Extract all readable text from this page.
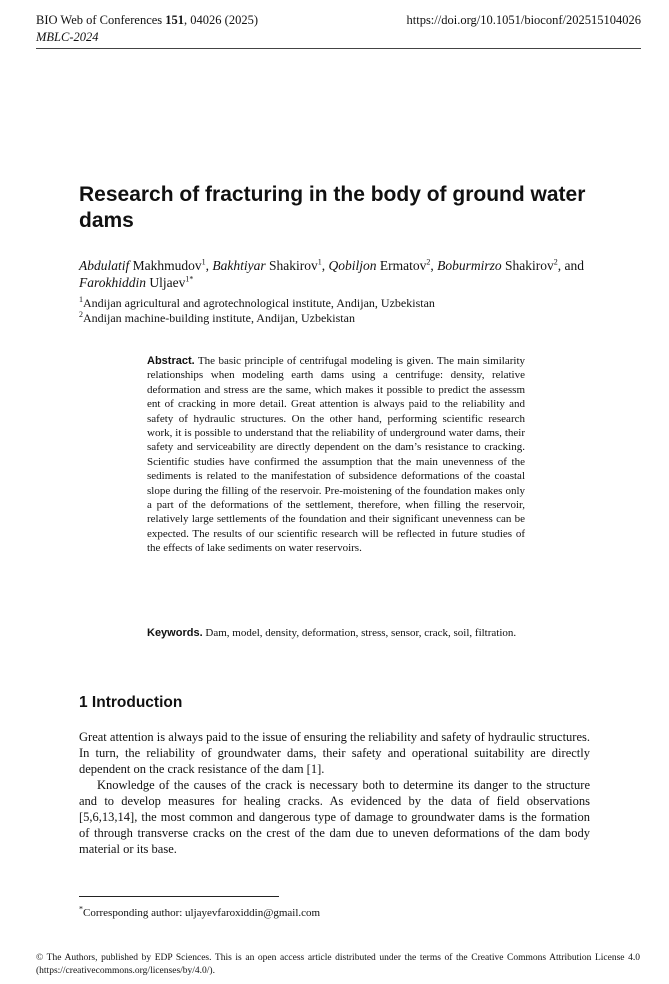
BIO Web of Conferences 151, 04026 (2025)
MBLC-2024
https://doi.org/10.1051/bioconf/202515104026
Research of fracturing in the body of ground water dams
Abdulatif Makhmudov$^1$, Bakhtiyar Shakirov$^1$, Qobiljon Ermatov$^2$, Boburmirzo Shakirov$^2$, and Farokhiddin Uljaev$^{1*}$
$^1$Andijan agricultural and agrotechnological institute, Andijan, Uzbekistan
$^2$Andijan machine-building institute, Andijan, Uzbekistan

Abstract. The basic principle of centrifugal modeling is given. The main similarity relationships when modeling earth dams using a centrifuge: density, relative deformation and stress are the same, which makes it possible to predict the assessm ent of cracking in more detail. Great attention is always paid to the reliability and safety of hydraulic structures. On the other hand, performing scientific research work, it is possible to understand that the reliability of underground water dams, their safety and serviceability are directly dependent on the dam’s resistance to cracking. Scientific studies have confirmed the assumption that the main unevenness of the sediments is related to the manifestation of subsidence deformations of the coastal slope during the filling of the reservoir. Pre-moistening of the foundation makes only a part of the deformations of the settlement, therefore, when filling the reservoir, relatively large settlements of the foundation and their significant unevenness can be expected. The results of our scientific research will be reflected in future studies of the effects of lake sediments on water reservoirs.

Keywords. Dam, model, density, deformation, stress, sensor, crack, soil, filtration.

1 Introduction

Great attention is always paid to the issue of ensuring the reliability and safety of hydraulic structures. In turn, the reliability of groundwater dams, their safety and operational suitability are directly dependent on the crack resistance of the dam [1].

Knowledge of the causes of the crack is necessary both to determine its danger to the structure and to develop measures for healing cracks. As evidenced by the data of field observations [5,6,13,14], the most common and dangerous type of damage to groundwater dams is the formation of through transverse cracks on the crest of the dam due to uneven deformations of the dam body material or its base.

*Corresponding author: uljayevfaroxiddin@gmail.com
© The Authors, published by EDP Sciences. This is an open access article distributed under the terms of the Creative Commons Attribution License 4.0 (https://creativecommons.org/licenses/by/4.0/).
